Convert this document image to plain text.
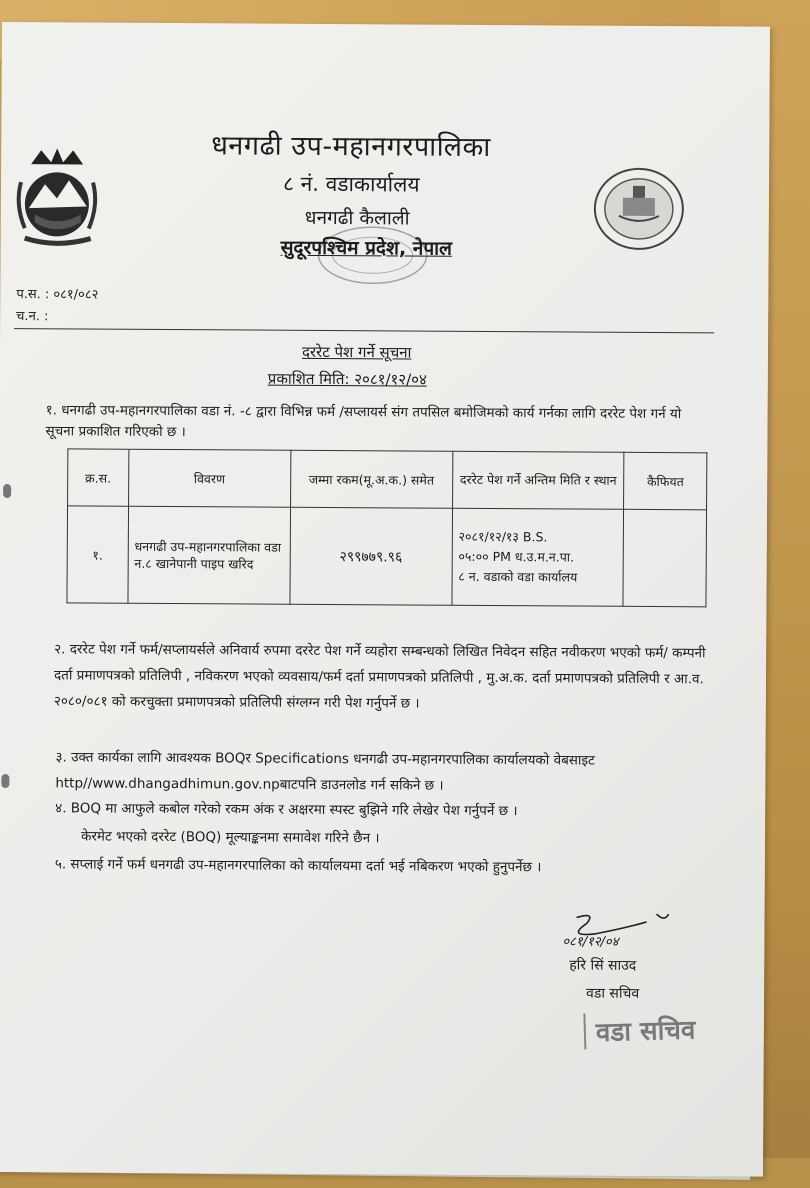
धनगढी उप-महानगरपालिका
८ नं. वडाकार्यालय
धनगढी कैलाली
सुदूरपश्चिम प्रदेश, नेपाल
प.स. : ०८१/०८२
च.न. :
दररेट पेश गर्ने सूचना
प्रकाशित मिति: २०८१/१२/०४
१. धनगढी उप-महानगरपालिका वडा नं. -८ द्वारा विभिन्न फर्म /सप्लायर्स संग तपसिल बमोजिमको कार्य गर्नका लागि दररेट पेश गर्न यो सूचना प्रकाशित गरिएको छ ।
क्र.स.	विवरण	जम्मा रकम(मू.अ.क.) समेत	दररेट पेश गर्ने अन्तिम मिति र स्थान	कैफियत
१.	धनगढी उप-महानगरपालिका वडा न.८ खानेपानी पाइप खरिद	२९९७७९.९६	२०८१/१२/१३ B.S.
०५:०० PM ध.उ.म.न.पा.
८ न. वडाको वडा कार्यालय	

२. दररेट पेश गर्ने फर्म/सप्लायर्सले अनिवार्य रुपमा दररेट पेश गर्ने व्यहोरा सम्बन्धको लिखित निवेदन सहित नवीकरण भएको फर्म/ कम्पनी दर्ता प्रमाणपत्रको प्रतिलिपी , नविकरण भएको व्यवसाय/फर्म दर्ता प्रमाणपत्रको प्रतिलिपी , मु.अ.क. दर्ता प्रमाणपत्रको प्रतिलिपी र आ.व. २०८०/०८१ को करचुक्ता प्रमाणपत्रको प्रतिलिपी संग्लग्न गरी पेश गर्नुपर्ने छ ।
३. उक्त कार्यका लागि आवश्यक BOQर Specifications धनगढी उप-महानगरपालिका कार्यालयको वेबसाइट http//www.dhangadhimun.gov.npबाटपनि डाउनलोड गर्न सकिने छ ।
४. BOQ मा आफुले कबोल गरेको रकम अंक र अक्षरमा स्पस्ट बुझिने गरि लेखेर पेश गर्नुपर्ने छ ।
केरमेट भएको दररेट (BOQ) मूल्याङ्कनमा समावेश गरिने छैन ।
५. सप्लाई गर्ने फर्म धनगढी उप-महानगरपालिका को कार्यालयमा दर्ता भई नबिकरण भएको हुनुपर्नेछ ।
०८१/१२/०४
हरि सिं साउद
वडा सचिव
वडा सचिव
